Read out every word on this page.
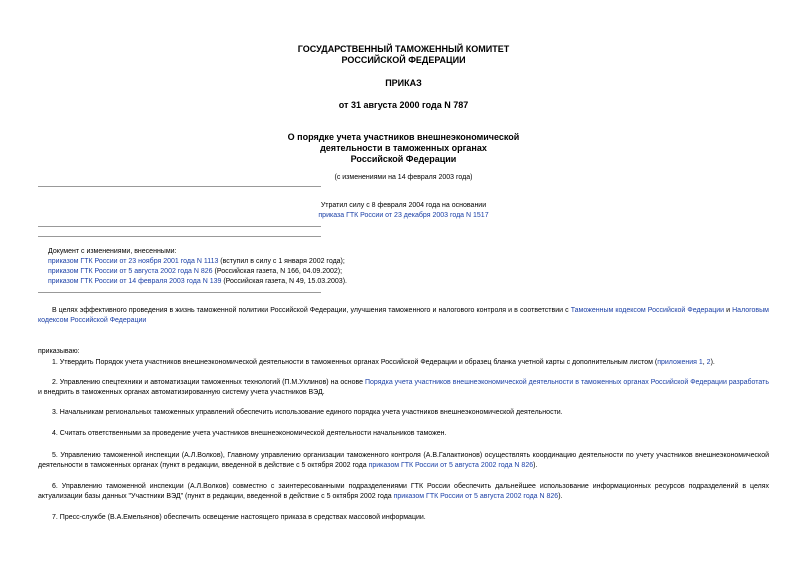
ГОСУДАРСТВЕННЫЙ ТАМОЖЕННЫЙ КОМИТЕТ
РОССИЙСКОЙ ФЕДЕРАЦИИ
ПРИКАЗ
от 31 августа 2000 года N 787
О порядке учета участников внешнеэкономической
деятельности в таможенных органах
Российской Федерации
(с изменениями на 14 февраля 2003 года)
Утратил силу с 8 февраля 2004 года на основании
приказа ГТК России от 23 декабря 2003 года N 1517
Документ с изменениями, внесенными:
приказом ГТК России от 23 ноября 2001 года N 1113 (вступил в силу с 1 января 2002 года);
приказом ГТК России от 5 августа 2002 года N 826 (Российская газета, N 166, 04.09.2002);
приказом ГТК России от 14 февраля 2003 года N 139 (Российская газета, N 49, 15.03.2003).
В целях эффективного проведения в жизнь таможенной политики Российской Федерации, улучшения таможенного и налогового контроля и в соответствии с Таможенным кодексом Российской Федерации и Налоговым кодексом Российской Федерации
приказываю:
1. Утвердить Порядок учета участников внешнеэкономической деятельности в таможенных органах Российской Федерации и образец бланка учетной карты с дополнительным листом (приложения 1, 2).
2. Управлению спецтехники и автоматизации таможенных технологий (П.М.Ухлинов) на основе Порядка учета участников внешнеэкономической деятельности в таможенных органах Российской Федерации разработать и внедрить в таможенных органах автоматизированную систему учета участников ВЭД.
3. Начальникам региональных таможенных управлений обеспечить использование единого порядка учета участников внешнеэкономической деятельности.
4. Считать ответственными за проведение учета участников внешнеэкономической деятельности начальников таможен.
5. Управлению таможенной инспекции (А.Л.Волков), Главному управлению организации таможенного контроля (А.В.Галактионов) осуществлять координацию деятельности по учету участников внешнеэкономической деятельности в таможенных органах (пункт в редакции, введенной в действие с 5 октября 2002 года приказом ГТК России от 5 августа 2002 года N 826).
6. Управлению таможенной инспекции (А.Л.Волков) совместно с заинтересованными подразделениями ГТК России обеспечить дальнейшее использование информационных ресурсов подразделений в целях актуализации базы данных "Участники ВЭД" (пункт в редакции, введенной в действие с 5 октября 2002 года приказом ГТК России от 5 августа 2002 года N 826).
7. Пресс-службе (В.А.Емельянов) обеспечить освещение настоящего приказа в средствах массовой информации.
